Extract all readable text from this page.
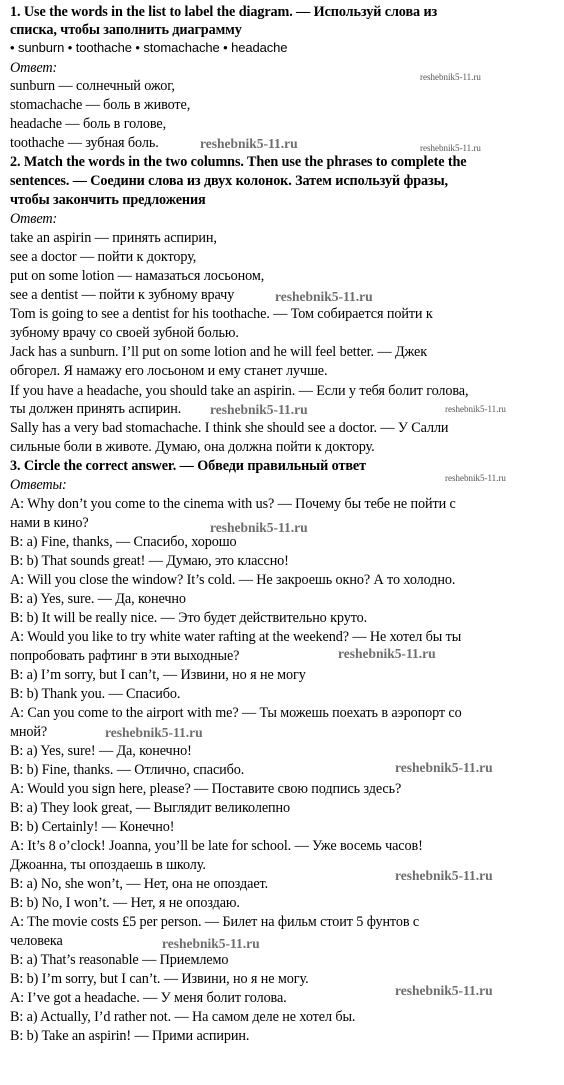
1. Use the words in the list to label the diagram. — Используй слова из
списка, чтобы заполнить диаграмму
• sunburn • toothache • stomachache • headache
Ответ:
sunburn — солнечный ожог,
stomachache — боль в животе,
headache — боль в голове,
toothache — зубная боль.
2. Match the words in the two columns. Then use the phrases to complete the
sentences. — Соедини слова из двух колонок. Затем используй фразы,
чтобы закончить предложения
Ответ:
take an aspirin — принять аспирин,
see a doctor — пойти к доктору,
put on some lotion — намазаться лосьоном,
see a dentist — пойти к зубному врачу
Tom is going to see a dentist for his toothache. — Том собирается пойти к
зубному врачу со своей зубной болью.
Jack has a sunburn. I’ll put on some lotion and he will feel better. — Джек
обгорел. Я намажу его лосьоном и ему станет лучше.
If you have a headache, you should take an aspirin. — Если у тебя болит голова,
ты должен принять аспирин.
Sally has a very bad stomachache. I think she should see a doctor. — У Салли
сильные боли в животе. Думаю, она должна пойти к доктору.
3. Circle the correct answer. — Обведи правильный ответ
Ответы:
A: Why don’t you come to the cinema with us? — Почему бы тебе не пойти с
нами в кино?
B: a) Fine, thanks, — Спасибо, хорошо
B: b) That sounds great! — Думаю, это классно!
A: Will you close the window? It’s cold. — Не закроешь окно? А то холодно.
B: a) Yes, sure. — Да, конечно
B: b) It will be really nice. — Это будет действительно круто.
A: Would you like to try white water rafting at the weekend? — Не хотел бы ты
попробовать рафтинг в эти выходные?
B: a) I’m sorry, but I can’t, — Извини, но я не могу
B: b) Thank you. — Спасибо.
A: Can you come to the airport with me? — Ты можешь поехать в аэропорт со
мной?
B: a) Yes, sure! — Да, конечно!
B: b) Fine, thanks. — Отлично, спасибо.
A: Would you sign here, please? — Поставите свою подпись здесь?
B: a) They look great, — Выглядит великолепно
B: b) Certainly! — Конечно!
A: It’s 8 o’clock! Joanna, you’ll be late for school. — Уже восемь часов!
Джоанна, ты опоздаешь в школу.
B: a) No, she won’t, — Нет, она не опоздает.
B: b) No, I won’t. — Нет, я не опоздаю.
A: The movie costs £5 per person. — Билет на фильм стоит 5 фунтов с
человека
B: a) That’s reasonable — Приемлемо
B: b) I’m sorry, but I can’t. — Извини, но я не могу.
A: I’ve got a headache. — У меня болит голова.
B: a) Actually, I’d rather not. — На самом деле не хотел бы.
B: b) Take an aspirin! — Прими аспирин.
reshebnik5-11.ru
reshebnik5-11.ru	reshebnik5-11.ru
reshebnik5-11.ru
reshebnik5-11.ru	reshebnik5-11.ru
reshebnik5-11.ru
reshebnik5-11.ru
reshebnik5-11.ru
reshebnik5-11.ru
reshebnik5-11.ru
reshebnik5-11.ru
reshebnik5-11.ru
reshebnik5-11.ru
